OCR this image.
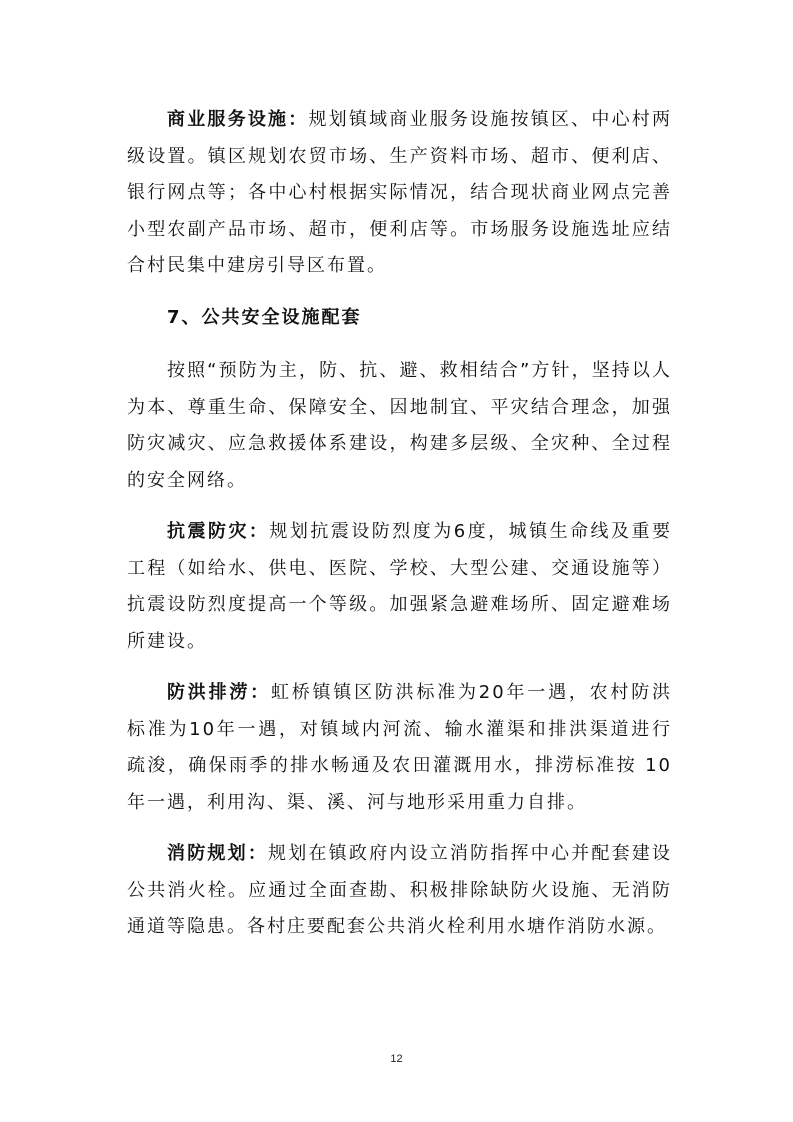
商业服务设施：规划镇域商业服务设施按镇区、中心村两级设置。镇区规划农贸市场、生产资料市场、超市、便利店、银行网点等；各中心村根据实际情况，结合现状商业网点完善小型农副产品市场、超市，便利店等。市场服务设施选址应结合村民集中建房引导区布置。

7、公共安全设施配套

按照“预防为主，防、抗、避、救相结合”方针，坚持以人为本、尊重生命、保障安全、因地制宜、平灾结合理念，加强防灾减灾、应急救援体系建设，构建多层级、全灾种、全过程的安全网络。

抗震防灾：规划抗震设防烈度为6度，城镇生命线及重要工程（如给水、供电、医院、学校、大型公建、交通设施等）抗震设防烈度提高一个等级。加强紧急避难场所、固定避难场所建设。

防洪排涝：虹桥镇镇区防洪标准为20年一遇，农村防洪标准为10年一遇，对镇域内河流、输水灌渠和排洪渠道进行疏浚，确保雨季的排水畅通及农田灌溉用水，排涝标准按 10 年一遇，利用沟、渠、溪、河与地形采用重力自排。

消防规划：规划在镇政府内设立消防指挥中心并配套建设公共消火栓。应通过全面查勘、积极排除缺防火设施、无消防通道等隐患。各村庄要配套公共消火栓利用水塘作消防水源。

12
